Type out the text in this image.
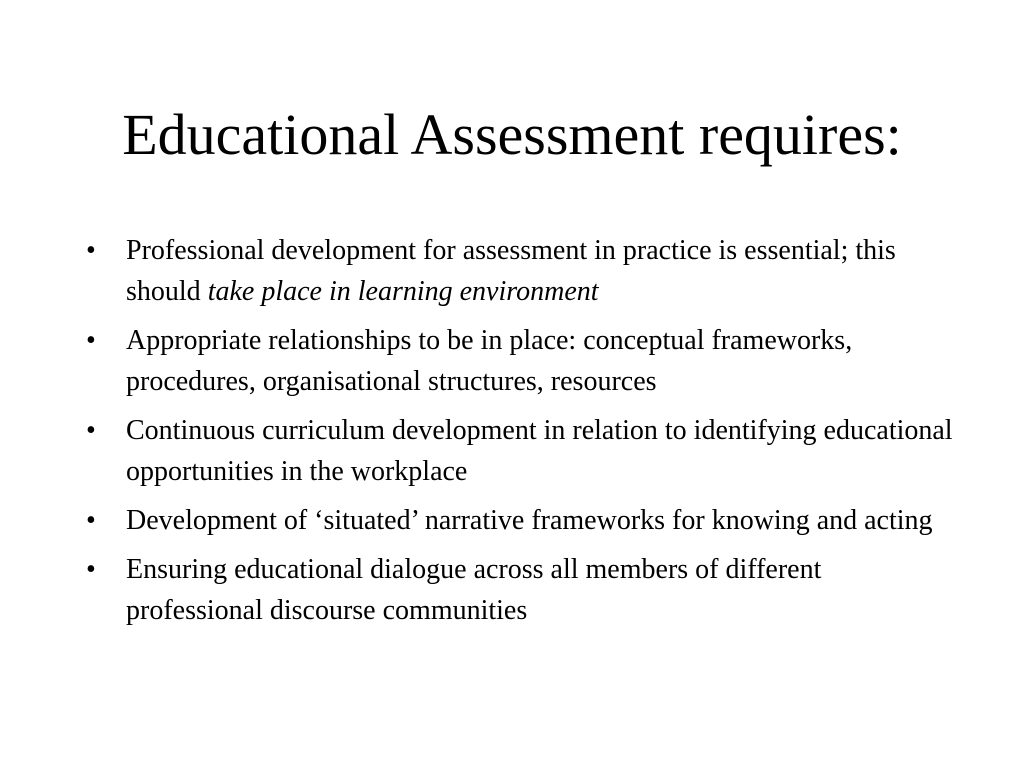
Educational Assessment requires:
• Professional development for assessment in practice is essential; this should take place in learning environment
• Appropriate relationships to be in place: conceptual frameworks, procedures, organisational structures, resources
• Continuous curriculum development in relation to identifying educational opportunities in the workplace
• Development of ‘situated’ narrative frameworks for knowing and acting
• Ensuring educational dialogue across all members of different professional discourse communities
